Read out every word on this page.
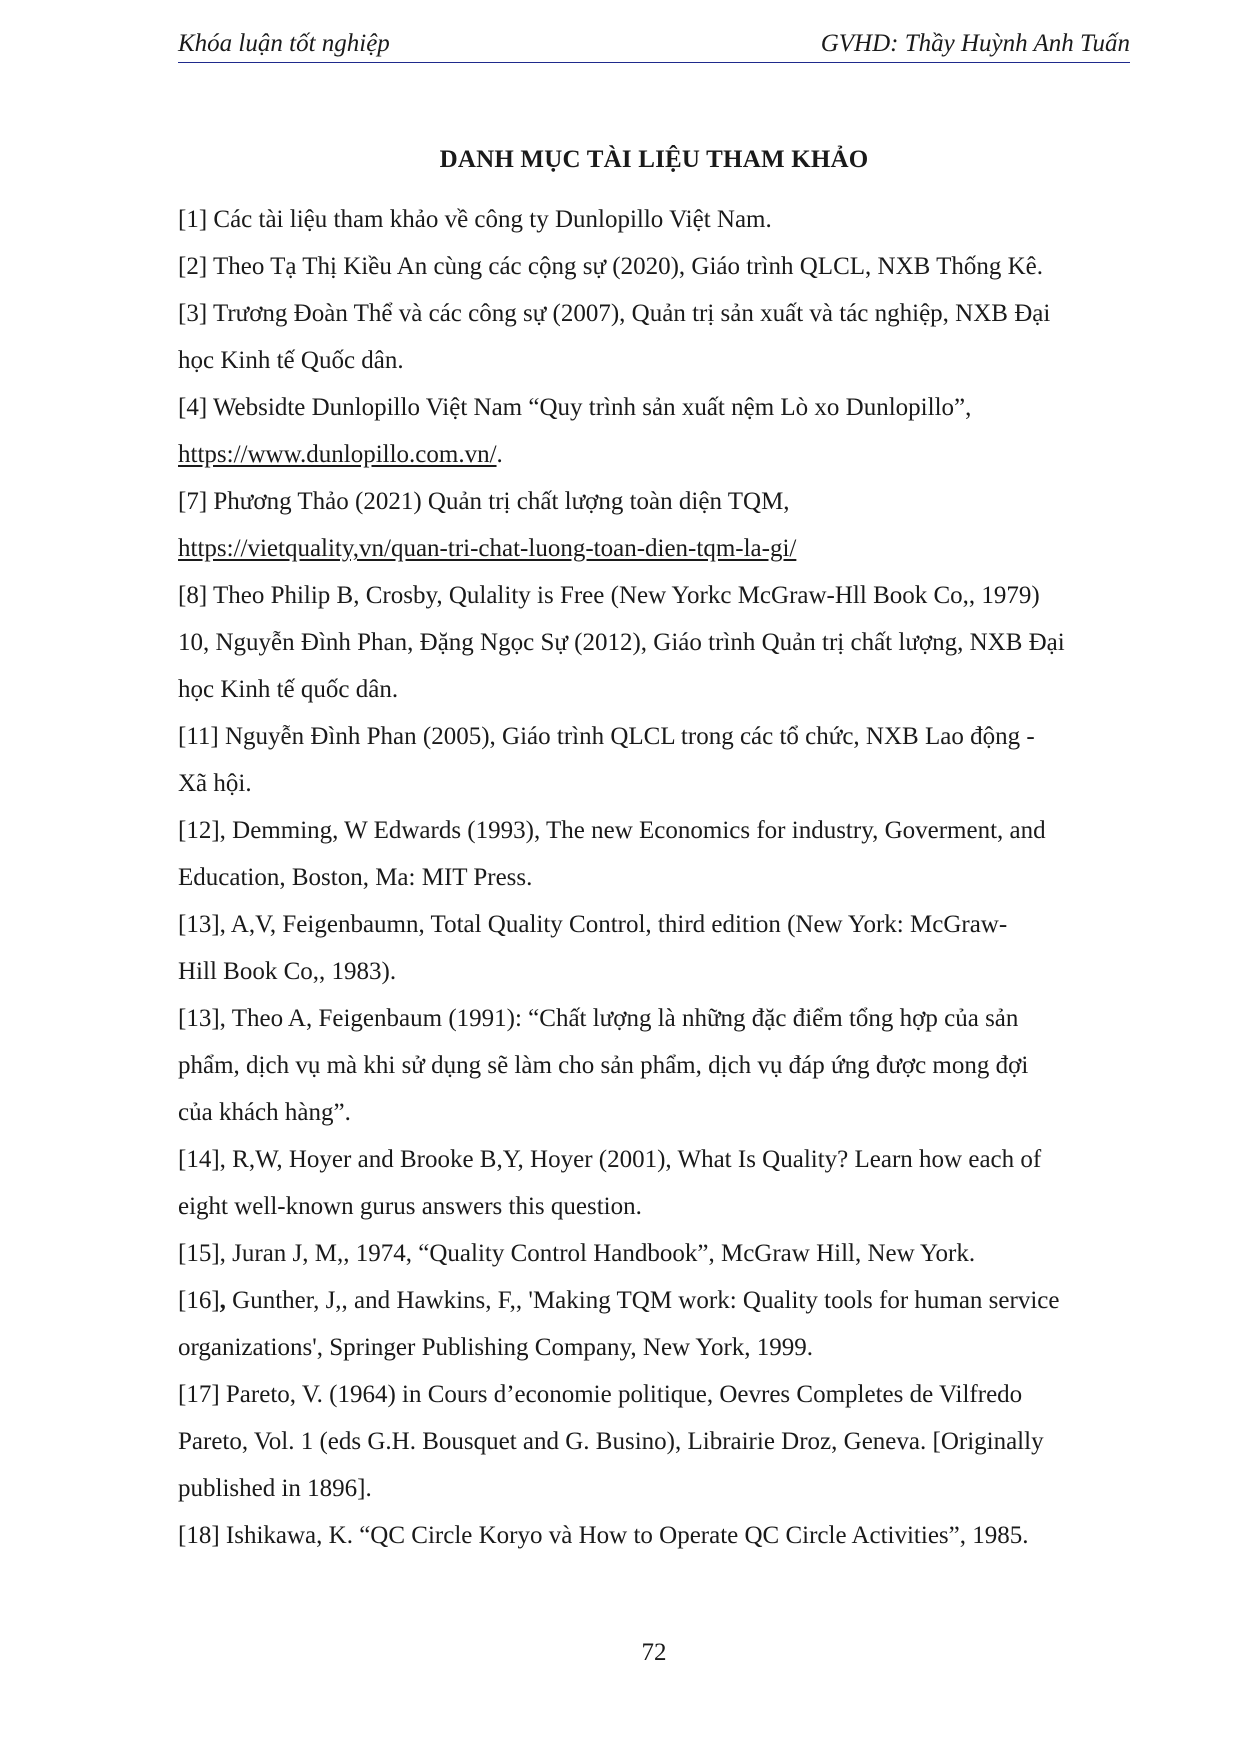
Khóa luận tốt nghiệp	GVHD: Thầy Huỳnh Anh Tuấn
DANH MỤC TÀI LIỆU THAM KHẢO

[1] Các tài liệu tham khảo về công ty Dunlopillo Việt Nam.

[2] Theo Tạ Thị Kiều An cùng các cộng sự (2020), Giáo trình QLCL, NXB Thống Kê.

[3] Trương Đoàn Thể và các công sự (2007), Quản trị sản xuất và tác nghiệp, NXB Đại
học Kinh tế Quốc dân.
[4] Websidte Dunlopillo Việt Nam “Quy trình sản xuất nệm Lò xo Dunlopillo”,
https://www.dunlopillo.com.vn/.
[7] Phương Thảo (2021) Quản trị chất lượng toàn diện TQM,
https://vietquality,vn/quan-tri-chat-luong-toan-dien-tqm-la-gi/
[8] Theo Philip B, Crosby, Qulality is Free (New Yorkc McGraw-Hll Book Co,, 1979)
10, Nguyễn Đình Phan, Đặng Ngọc Sự (2012), Giáo trình Quản trị chất lượng, NXB Đại
học Kinh tế quốc dân.
[11] Nguyễn Đình Phan (2005), Giáo trình QLCL trong các tổ chức, NXB Lao động -
Xã hội.
[12], Demming, W Edwards (1993), The new Economics for industry, Goverment, and
Education, Boston, Ma: MIT Press.
[13], A,V, Feigenbaumn, Total Quality Control, third edition (New York: McGraw-
Hill Book Co,, 1983).
[13], Theo A, Feigenbaum (1991): “Chất lượng là những đặc điểm tổng hợp của sản
phẩm, dịch vụ mà khi sử dụng sẽ làm cho sản phẩm, dịch vụ đáp ứng được mong đợi
của khách hàng”.
[14], R,W, Hoyer and Brooke B,Y, Hoyer (2001), What Is Quality? Learn how each of
eight well-known gurus answers this question.

[15], Juran J, M,, 1974, “Quality Control Handbook”, McGraw Hill, New York.

[16], Gunther, J,, and Hawkins, F,, 'Making TQM work: Quality tools for human service
organizations', Springer Publishing Company, New York, 1999.
[17] Pareto, V. (1964) in Cours d’economie politique, Oevres Completes de Vilfredo
Pareto, Vol. 1 (eds G.H. Bousquet and G. Busino), Librairie Droz, Geneva. [Originally
published in 1896].

[18] Ishikawa, K. “QC Circle Koryo và How to Operate QC Circle Activities”, 1985.

72
